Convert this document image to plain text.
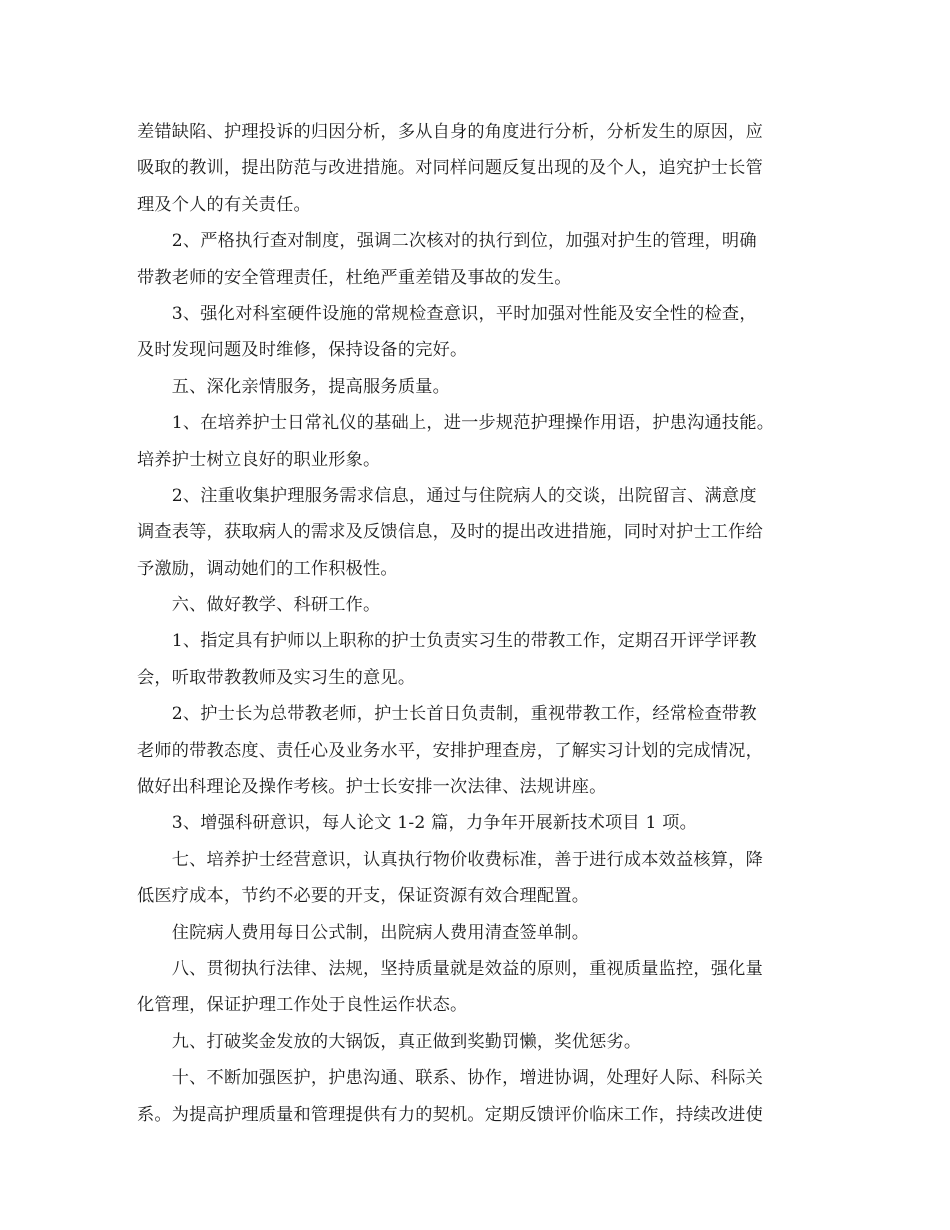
差错缺陷、护理投诉的归因分析，多从自身的角度进行分析，分析发生的原因，应
吸取的教训，提出防范与改进措施。对同样问题反复出现的及个人，追究护士长管
理及个人的有关责任。
　　2、严格执行查对制度，强调二次核对的执行到位，加强对护生的管理，明确
带教老师的安全管理责任，杜绝严重差错及事故的发生。
　　3、强化对科室硬件设施的常规检查意识，平时加强对性能及安全性的检查，
及时发现问题及时维修，保持设备的完好。
　　五、深化亲情服务，提高服务质量。
　　1、在培养护士日常礼仪的基础上，进一步规范护理操作用语，护患沟通技能。
培养护士树立良好的职业形象。
　　2、注重收集护理服务需求信息，通过与住院病人的交谈，出院留言、满意度
调查表等，获取病人的需求及反馈信息，及时的提出改进措施，同时对护士工作给
予激励，调动她们的工作积极性。
　　六、做好教学、科研工作。
　　1、指定具有护师以上职称的护士负责实习生的带教工作，定期召开评学评教
会，听取带教教师及实习生的意见。
　　2、护士长为总带教老师，护士长首日负责制，重视带教工作，经常检查带教
老师的带教态度、责任心及业务水平，安排护理查房，了解实习计划的完成情况，
做好出科理论及操作考核。护士长安排一次法律、法规讲座。
　　3、增强科研意识，每人论文 1-2 篇，力争年开展新技术项目 1 项。
　　七、培养护士经营意识，认真执行物价收费标准，善于进行成本效益核算，降
低医疗成本，节约不必要的开支，保证资源有效合理配置。
　　住院病人费用每日公式制，出院病人费用清查签单制。
　　八、贯彻执行法律、法规，坚持质量就是效益的原则，重视质量监控，强化量
化管理，保证护理工作处于良性运作状态。
　　九、打破奖金发放的大锅饭，真正做到奖勤罚懒，奖优惩劣。
　　十、不断加强医护，护患沟通、联系、协作，增进协调，处理好人际、科际关
系。为提高护理质量和管理提供有力的契机。定期反馈评价临床工作，持续改进使
